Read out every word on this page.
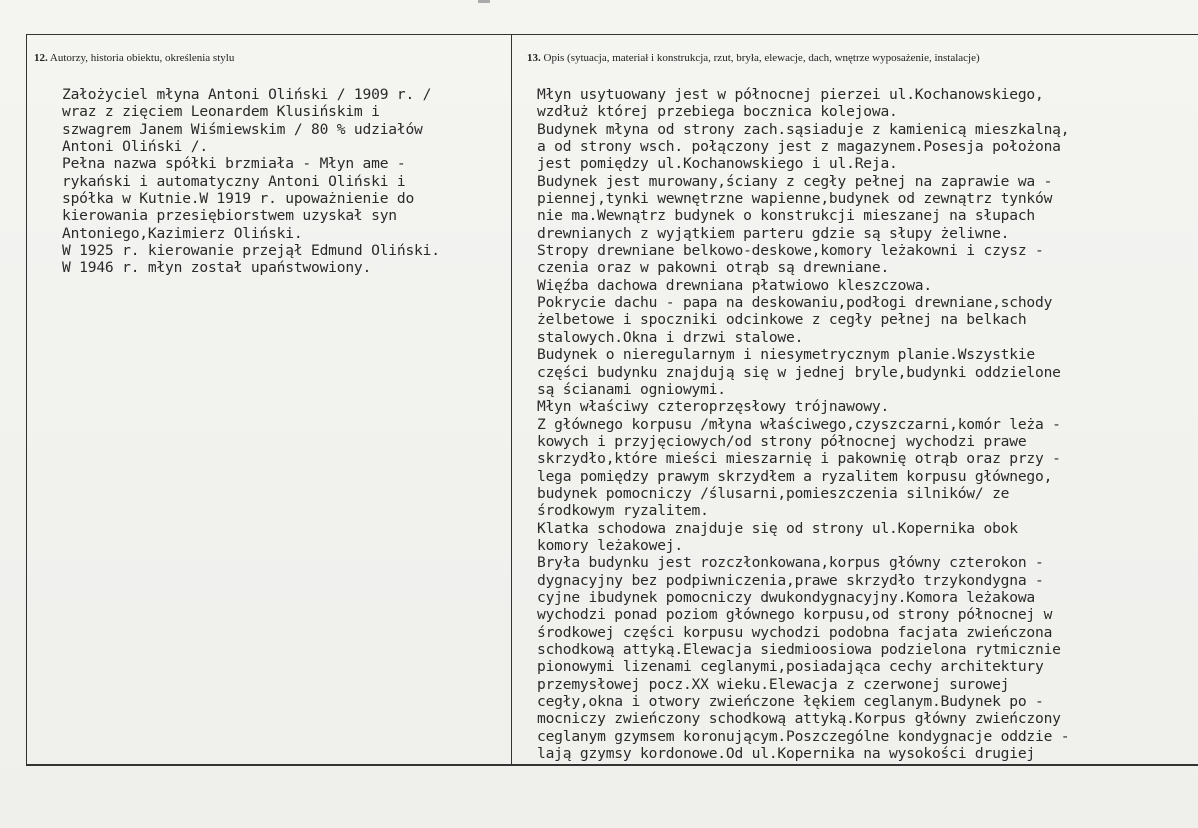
12. Autorzy, historia obiektu, określenia stylu	13. Opis (sytuacja, materiał i konstrukcja, rzut, bryła, elewacje, dach, wnętrze wyposażenie, instalacje)
Założyciel młyna Antoni Oliński / 1909 r. /
wraz z zięciem Leonardem Klusińskim i
szwagrem Janem Wiśmiewskim / 80 % udziałów
Antoni Oliński /.
Pełna nazwa spółki brzmiała - Młyn ame -
rykański i automatyczny Antoni Oliński i
spółka w Kutnie.W 1919 r. upoważnienie do
kierowania przesiębiorstwem uzyskał syn
Antoniego,Kazimierz Oliński.
W 1925 r. kierowanie przejął Edmund Oliński.
W 1946 r. młyn został upaństwowiony.
Młyn usytuowany jest w północnej pierzei ul.Kochanowskiego,
wzdłuż której przebiega bocznica kolejowa.
Budynek młyna od strony zach.sąsiaduje z kamienicą mieszkalną,
a od strony wsch. połączony jest z magazynem.Posesja położona
jest pomiędzy ul.Kochanowskiego i ul.Reja.
Budynek jest murowany,ściany z cegły pełnej na zaprawie wa -
piennej,tynki wewnętrzne wapienne,budynek od zewnątrz tynków
nie ma.Wewnątrz budynek o konstrukcji mieszanej na słupach
drewnianych z wyjątkiem parteru gdzie są słupy żeliwne.
Stropy drewniane belkowo-deskowe,komory leżakowni i czysz -
czenia oraz w pakowni otrąb są drewniane.
Więźba dachowa drewniana płatwiowo kleszczowa.
Pokrycie dachu - papa na deskowaniu,podłogi drewniane,schody
żelbetowe i spoczniki odcinkowe z cegły pełnej na belkach
stalowych.Okna i drzwi stalowe.
Budynek o nieregularnym i niesymetrycznym planie.Wszystkie
części budynku znajdują się w jednej bryle,budynki oddzielone
są ścianami ogniowymi.
Młyn właściwy czteroprzęsłowy trójnawowy.
Z głównego korpusu /młyna właściwego,czyszczarni,komór leża -
kowych i przyjęciowych/od strony północnej wychodzi prawe
skrzydło,które mieści mieszarnię i pakownię otrąb oraz przy -
lega pomiędzy prawym skrzydłem a ryzalitem korpusu głównego,
budynek pomocniczy /ślusarni,pomieszczenia silników/ ze
środkowym ryzalitem.
Klatka schodowa znajduje się od strony ul.Kopernika obok
komory leżakowej.
Bryła budynku jest rozczłonkowana,korpus główny czterokon -
dygnacyjny bez podpiwniczenia,prawe skrzydło trzykondygna -
cyjne ibudynek pomocniczy dwukondygnacyjny.Komora leżakowa
wychodzi ponad poziom głównego korpusu,od strony północnej w
środkowej części korpusu wychodzi podobna facjata zwieńczona
schodkową attyką.Elewacja siedmioosiowa podzielona rytmicznie
pionowymi lizenami ceglanymi,posiadająca cechy architektury
przemysłowej pocz.XX wieku.Elewacja z czerwonej surowej
cegły,okna i otwory zwieńczone łękiem ceglanym.Budynek po -
mocniczy zwieńczony schodkową attyką.Korpus główny zwieńczony
ceglanym gzymsem koronującym.Poszczególne kondygnacje oddzie -
lają gzymsy kordonowe.Od ul.Kopernika na wysokości drugiej
